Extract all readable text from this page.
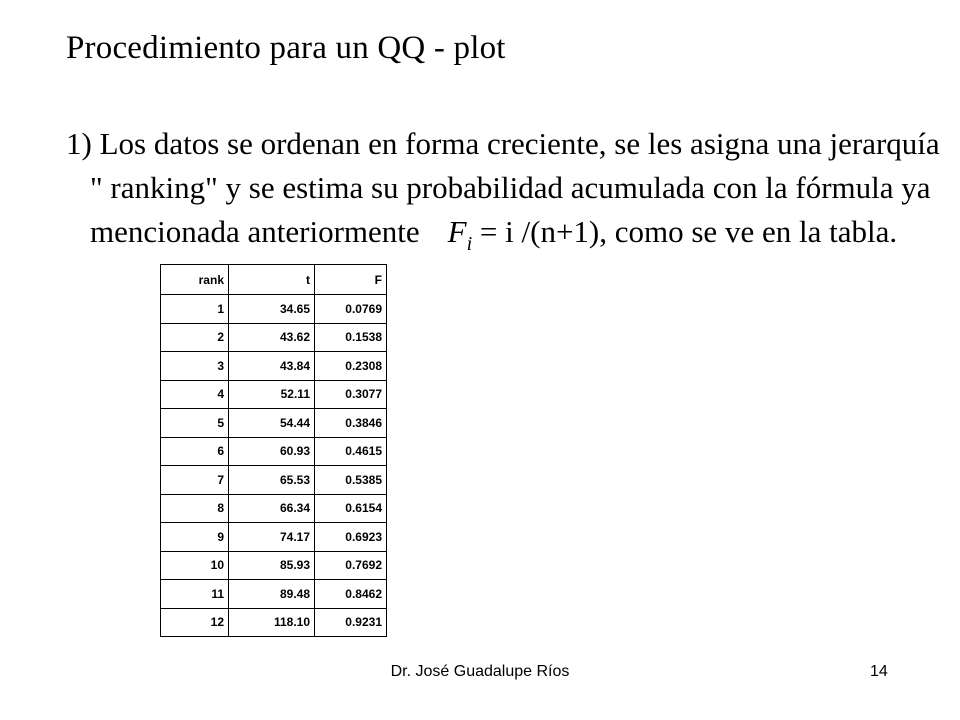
Procedimiento para un QQ - plot
1) Los datos se ordenan en forma creciente, se les asigna una jerarquía
" ranking" y se estima su probabilidad acumulada con la fórmula ya
mencionada anteriormente $F_i = i$ /(n+1), como se ve en la tabla.
rank	t	F
1	34.65	0.0769
2	43.62	0.1538
3	43.84	0.2308
4	52.11	0.3077
5	54.44	0.3846
6	60.93	0.4615
7	65.53	0.5385
8	66.34	0.6154
9	74.17	0.6923
10	85.93	0.7692
11	89.48	0.8462
12	118.10	0.9231
Dr. José Guadalupe Ríos	14
